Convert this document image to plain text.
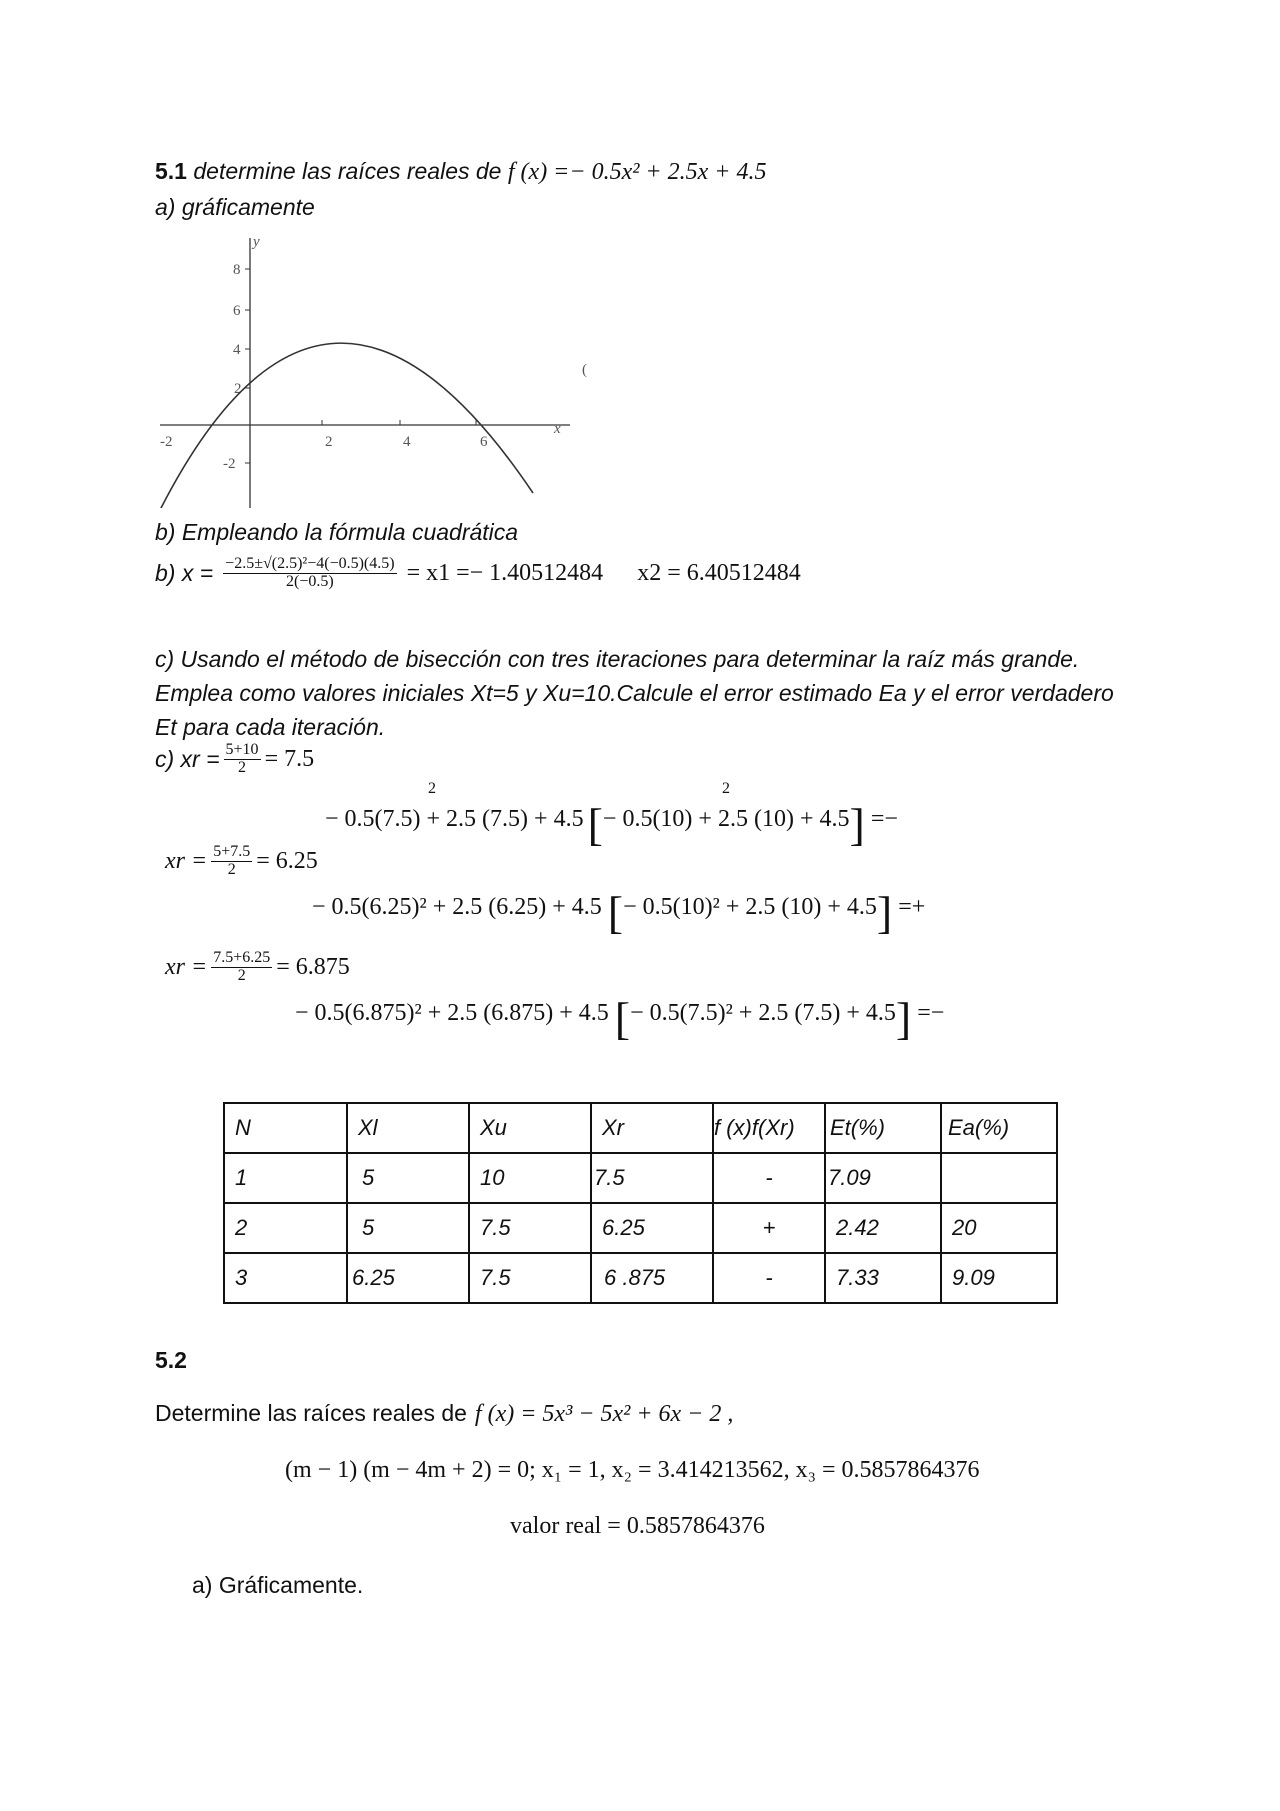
5.1 determine las raíces reales de f (x) =− 0.5x² + 2.5x + 4.5
a) gráficamente
y
x
8
6
4
2
-2
-2	2	4	6
(
b) Empleando la fórmula cuadrática
b) $x = \frac{\text{−2.5±√(2.5)²−4(−0.5)(4.5)}}{2(-0.5)} = x1 =- 1.40512484$ x2 = 6.40512484
c) Usando el método de bisección con tres iteraciones para determinar la raíz más grande.
Emplea como valores iniciales Xt=5 y Xu=10.Calcule el error estimado Ea y el error verdadero
Et para cada iteración.
c) xr = $\frac{5+10}{2} = 7.5$
2	2
− 0.5(7.5) + 2.5 (7.5) + 4.5 [ − 0.5(10) + 2.5 (10) + 4.5 ] =−
xr = $\frac{5+7.5}{2} = 6.25$
− 0.5(6.25)² + 2.5 (6.25) + 4.5 [ − 0.5(10)² + 2.5 (10) + 4.5 ] =+
xr = $\frac{7.5+6.25}{2} = 6.875$
− 0.5(6.875)² + 2.5 (6.875) + 4.5 [ − 0.5(7.5)² + 2.5 (7.5) + 4.5 ] =−
N	Xl	Xu	Xr	f (x)f(Xr)	Et(%)	Ea(%)
1	5	10	7.5	-	7.09	
2	5	7.5	6.25	+	2.42	20
3	6.25	7.5	6 .875	-	7.33	9.09
5.2
Determine las raíces reales de f (x) = 5x³ − 5x² + 6x − 2 ,
(m − 1) (m − 4m + 2) = 0; x₁ = 1, x₂ = 3.414213562, x₃ = 0.5857864376
valor real = 0.5857864376
a) Gráficamente.
